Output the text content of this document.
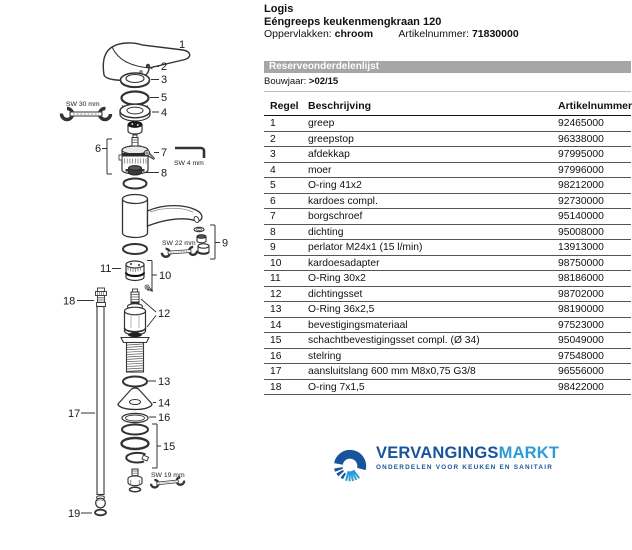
1
2
3
5
4
SW 30 mm
6	7
SW 4 mm
8
9
SW 22 mm
11
10
12
13
14
16
15
SW 19 mm
18
17
19
Logis
Eéngreeps keukenmengkraan 120
Oppervlakken: chroom Artikelnummer: 71830000
Reserveonderdelenlijst
Bouwjaar: >02/15
Regel	Beschrijving	Artikelnummer
1	greep	92465000
2	greepstop	96338000
3	afdekkap	97995000
4	moer	97996000
5	O-ring 41x2	98212000
6	kardoes compl.	92730000
7	borgschroef	95140000
8	dichting	95008000
9	perlator M24x1 (15 l/min)	13913000
10	kardoesadapter	98750000
11	O-Ring 30x2	98186000
12	dichtingsset	98702000
13	O-Ring 36x2,5	98190000
14	bevestigingsmateriaal	97523000
15	schachtbevestigingsset compl. (Ø 34)	95049000
16	stelring	97548000
17	aansluitslang 600 mm M8x0,75 G3/8	96556000
18	O-ring 7x1,5	98422000
VERVANGINGSMARKT
ONDERDELEN VOOR KEUKEN EN SANITAIR
